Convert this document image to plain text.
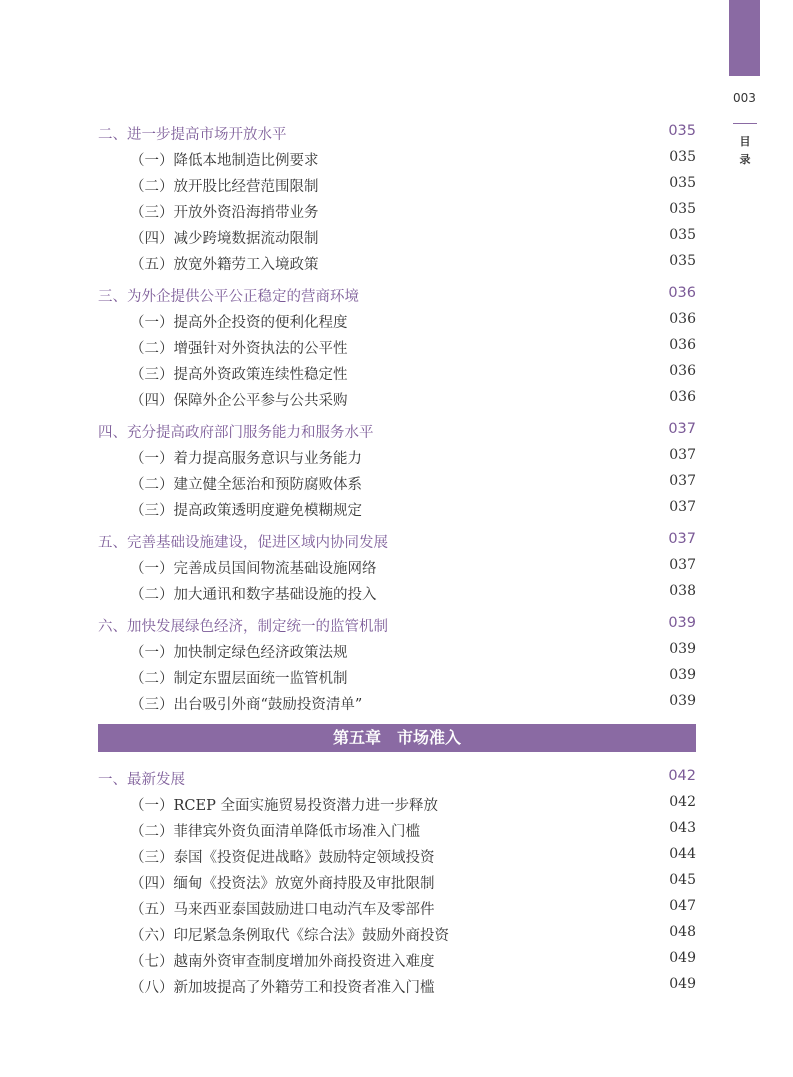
003
目录
二、进一步提高市场开放水平	035
（一）降低本地制造比例要求	035
（二）放开股比经营范围限制	035
（三）开放外资沿海捎带业务	035
（四）减少跨境数据流动限制	035
（五）放宽外籍劳工入境政策	035
三、为外企提供公平公正稳定的营商环境	036
（一）提高外企投资的便利化程度	036
（二）增强针对外资执法的公平性	036
（三）提高外资政策连续性稳定性	036
（四）保障外企公平参与公共采购	036
四、充分提高政府部门服务能力和服务水平	037
（一）着力提高服务意识与业务能力	037
（二）建立健全惩治和预防腐败体系	037
（三）提高政策透明度避免模糊规定	037
五、完善基础设施建设，促进区域内协同发展	037
（一）完善成员国间物流基础设施网络	037
（二）加大通讯和数字基础设施的投入	038
六、加快发展绿色经济，制定统一的监管机制	039
（一）加快制定绿色经济政策法规	039
（二）制定东盟层面统一监管机制	039
（三）出台吸引外商“鼓励投资清单”	039
第五章　市场准入
一、最新发展	042
（一）RCEP 全面实施贸易投资潜力进一步释放	042
（二）菲律宾外资负面清单降低市场准入门槛	043
（三）泰国《投资促进战略》鼓励特定领域投资	044
（四）缅甸《投资法》放宽外商持股及审批限制	045
（五）马来西亚泰国鼓励进口电动汽车及零部件	047
（六）印尼紧急条例取代《综合法》鼓励外商投资	048
（七）越南外资审查制度增加外商投资进入难度	049
（八）新加坡提高了外籍劳工和投资者准入门槛	049
